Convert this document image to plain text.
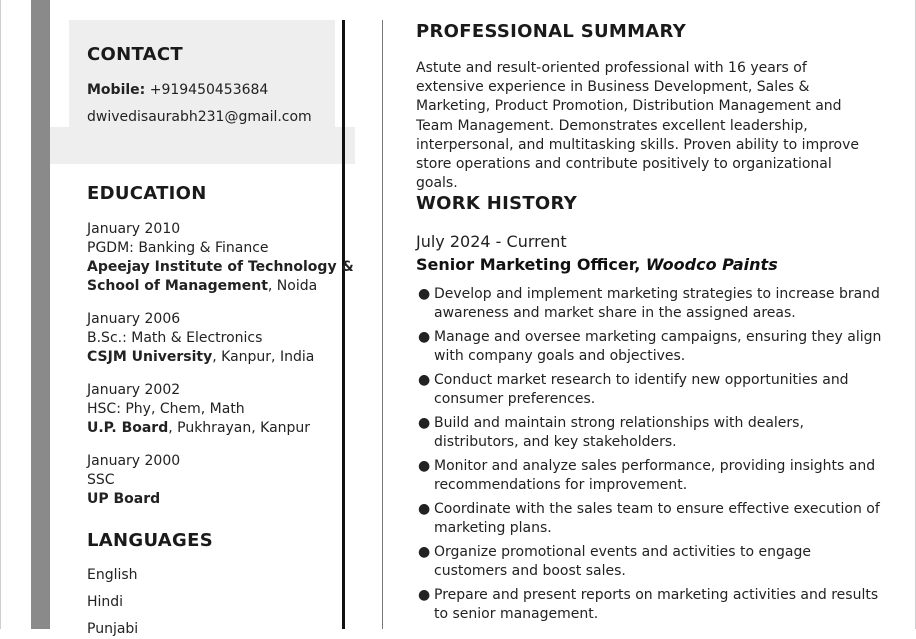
CONTACT
Mobile: +919450453684
dwivedisaurabh231@gmail.com
EDUCATION
January 2010
PGDM: Banking & Finance
Apeejay Institute of Technology &
School of Management, Noida
January 2006
B.Sc.: Math & Electronics
CSJM University, Kanpur, India
January 2002
HSC: Phy, Chem, Math
U.P. Board, Pukhrayan, Kanpur
January 2000
SSC
UP Board
LANGUAGES
English
Hindi
Punjabi
PROFESSIONAL SUMMARY
Astute and result-oriented professional with 16 years of extensive experience in Business Development, Sales & Marketing, Product Promotion, Distribution Management and Team Management. Demonstrates excellent leadership, interpersonal, and multitasking skills. Proven ability to improve store operations and contribute positively to organizational goals.
WORK HISTORY
July 2024 - Current
Senior Marketing Officer, Woodco Paints
● Develop and implement marketing strategies to increase brand awareness and market share in the assigned areas.
● Manage and oversee marketing campaigns, ensuring they align with company goals and objectives.
● Conduct market research to identify new opportunities and consumer preferences.
● Build and maintain strong relationships with dealers, distributors, and key stakeholders.
● Monitor and analyze sales performance, providing insights and recommendations for improvement.
● Coordinate with the sales team to ensure effective execution of marketing plans.
● Organize promotional events and activities to engage customers and boost sales.
● Prepare and present reports on marketing activities and results to senior management.
